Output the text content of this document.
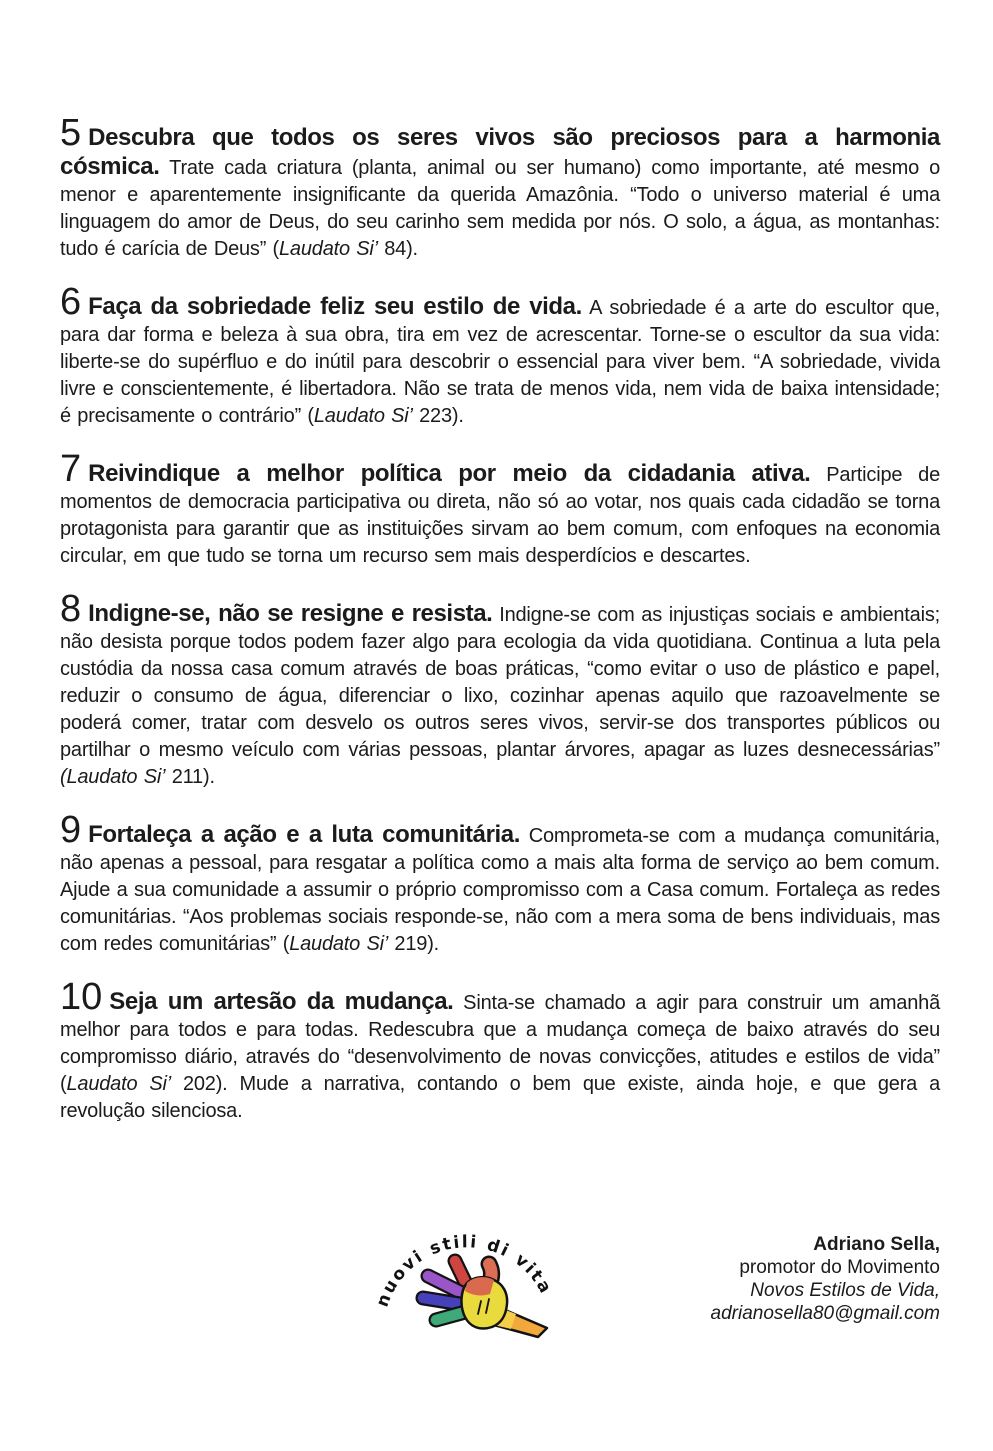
5 Descubra que todos os seres vivos são preciosos para a harmonia cósmica. Trate cada criatura (planta, animal ou ser humano) como importante, até mesmo o menor e aparentemente insignificante da querida Amazônia. “Todo o universo material é uma linguagem do amor de Deus, do seu carinho sem medida por nós. O solo, a água, as montanhas: tudo é carícia de Deus” (Laudato Si’ 84).

6 Faça da sobriedade feliz seu estilo de vida. A sobriedade é a arte do escultor que, para dar forma e beleza à sua obra, tira em vez de acrescentar. Torne-se o escultor da sua vida: liberte-se do supérfluo e do inútil para descobrir o essencial para viver bem. “A sobriedade, vivida livre e conscientemente, é libertadora. Não se trata de menos vida, nem vida de baixa intensidade; é precisamente o contrário” (Laudato Si’ 223).

7 Reivindique a melhor política por meio da cidadania ativa. Participe de momentos de democracia participativa ou direta, não só ao votar, nos quais cada cidadão se torna protagonista para garantir que as instituições sirvam ao bem comum, com enfoques na economia circular, em que tudo se torna um recurso sem mais desperdícios e descartes.

8 Indigne-se, não se resigne e resista. Indigne-se com as injustiças sociais e ambientais; não desista porque todos podem fazer algo para ecologia da vida quotidiana. Continua a luta pela custódia da nossa casa comum através de boas práticas, “como evitar o uso de plástico e papel, reduzir o consumo de água, diferenciar o lixo, cozinhar apenas aquilo que razoavelmente se poderá comer, tratar com desvelo os outros seres vivos, servir-se dos transportes públicos ou partilhar o mesmo veículo com várias pessoas, plantar árvores, apagar as luzes desnecessárias” (Laudato Si’ 211).

9 Fortaleça a ação e a luta comunitária. Comprometa-se com a mudança comunitária, não apenas a pessoal, para resgatar a política como a mais alta forma de serviço ao bem comum. Ajude a sua comunidade a assumir o próprio compromisso com a Casa comum. Fortaleça as redes comunitárias. “Aos problemas sociais responde-se, não com a mera soma de bens individuais, mas com redes comunitárias” (Laudato Si’ 219).

10 Seja um artesão da mudança. Sinta-se chamado a agir para construir um amanhã melhor para todos e para todas. Redescubra que a mudança começa de baixo através do seu compromisso diário, através do “desenvolvimento de novas convicções, atitudes e estilos de vida” (Laudato Si’ 202). Mude a narrativa, contando o bem que existe, ainda hoje, e que gera a revolução silenciosa.

nuovi stili di vita
Adriano Sella,
promotor do Movimento
Novos Estilos de Vida,
adrianosella80@gmail.com
